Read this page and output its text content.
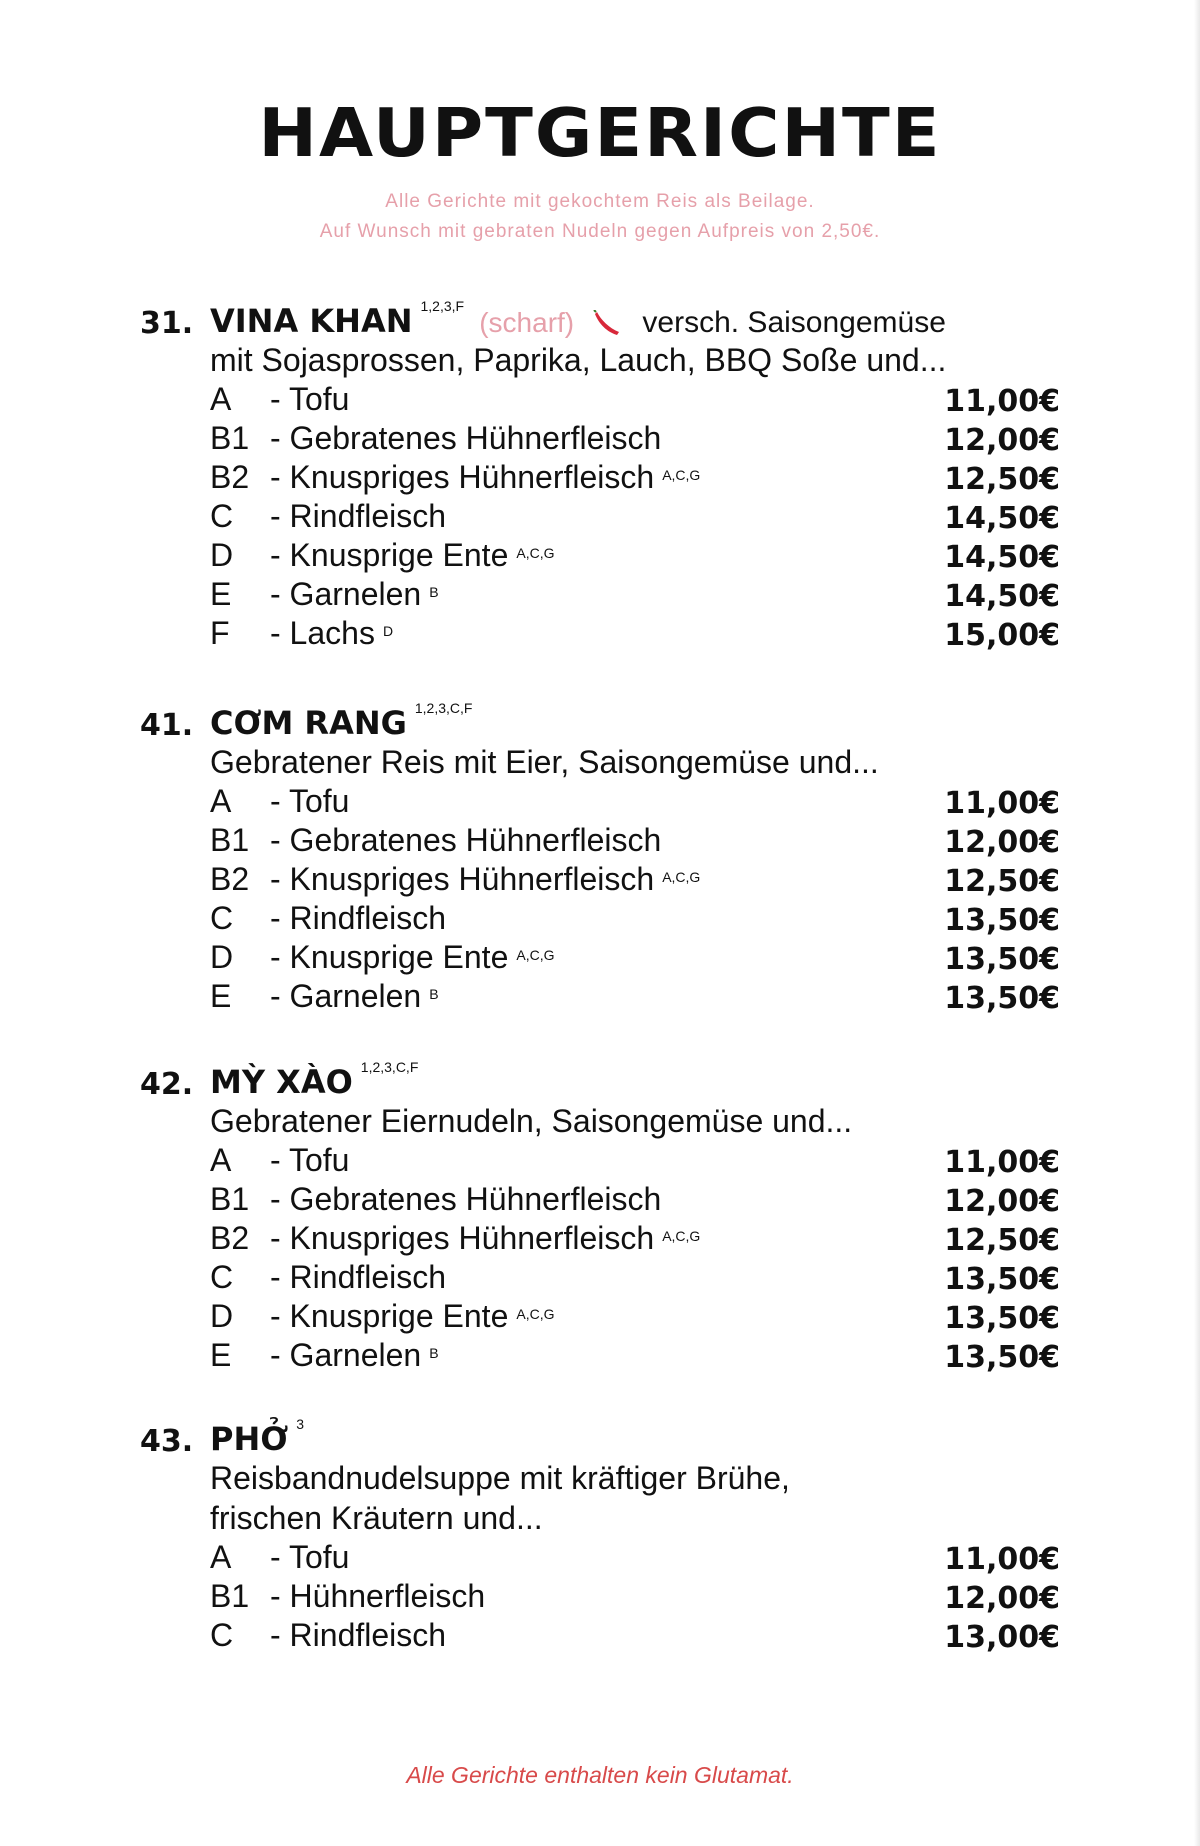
HAUPTGERICHTE
Alle Gerichte mit gekochtem Reis als Beilage.
Auf Wunsch mit gebraten Nudeln gegen Aufpreis von 2,50€.
31. VINA KHAN $^{1,2,3,F}$ (scharf) versch. Saisongemüse
mit Sojasprossen, Paprika, Lauch, BBQ Soße und...
A - Tofu	11,00€
B1 - Gebratenes Hühnerfleisch	12,00€
B2 - Knuspriges Hühnerfleisch $^{A,C,G}$	12,50€
C - Rindfleisch	14,50€
D - Knusprige Ente $^{A,C,G}$	14,50€
E - Garnelen $^B$	14,50€
F - Lachs $^D$	15,00€
41. CƠM RANG $^{1,2,3,C,F}$
Gebratener Reis mit Eier, Saisongemüse und...
A - Tofu	11,00€
B1 - Gebratenes Hühnerfleisch	12,00€
B2 - Knuspriges Hühnerfleisch $^{A,C,G}$	12,50€
C - Rindfleisch	13,50€
D - Knusprige Ente $^{A,C,G}$	13,50€
E - Garnelen $^B$	13,50€
42. MỲ XÀO $^{1,2,3,C,F}$
Gebratener Eiernudeln, Saisongemüse und...
A - Tofu	11,00€
B1 - Gebratenes Hühnerfleisch	12,00€
B2 - Knuspriges Hühnerfleisch $^{A,C,G}$	12,50€
C - Rindfleisch	13,50€
D - Knusprige Ente $^{A,C,G}$	13,50€
E - Garnelen $^B$	13,50€
43. PHỞ $^3$
Reisbandnudelsuppe mit kräftiger Brühe,
frischen Kräutern und...
A - Tofu	11,00€
B1 - Hühnerfleisch	12,00€
C - Rindfleisch	13,00€
Alle Gerichte enthalten kein Glutamat.
